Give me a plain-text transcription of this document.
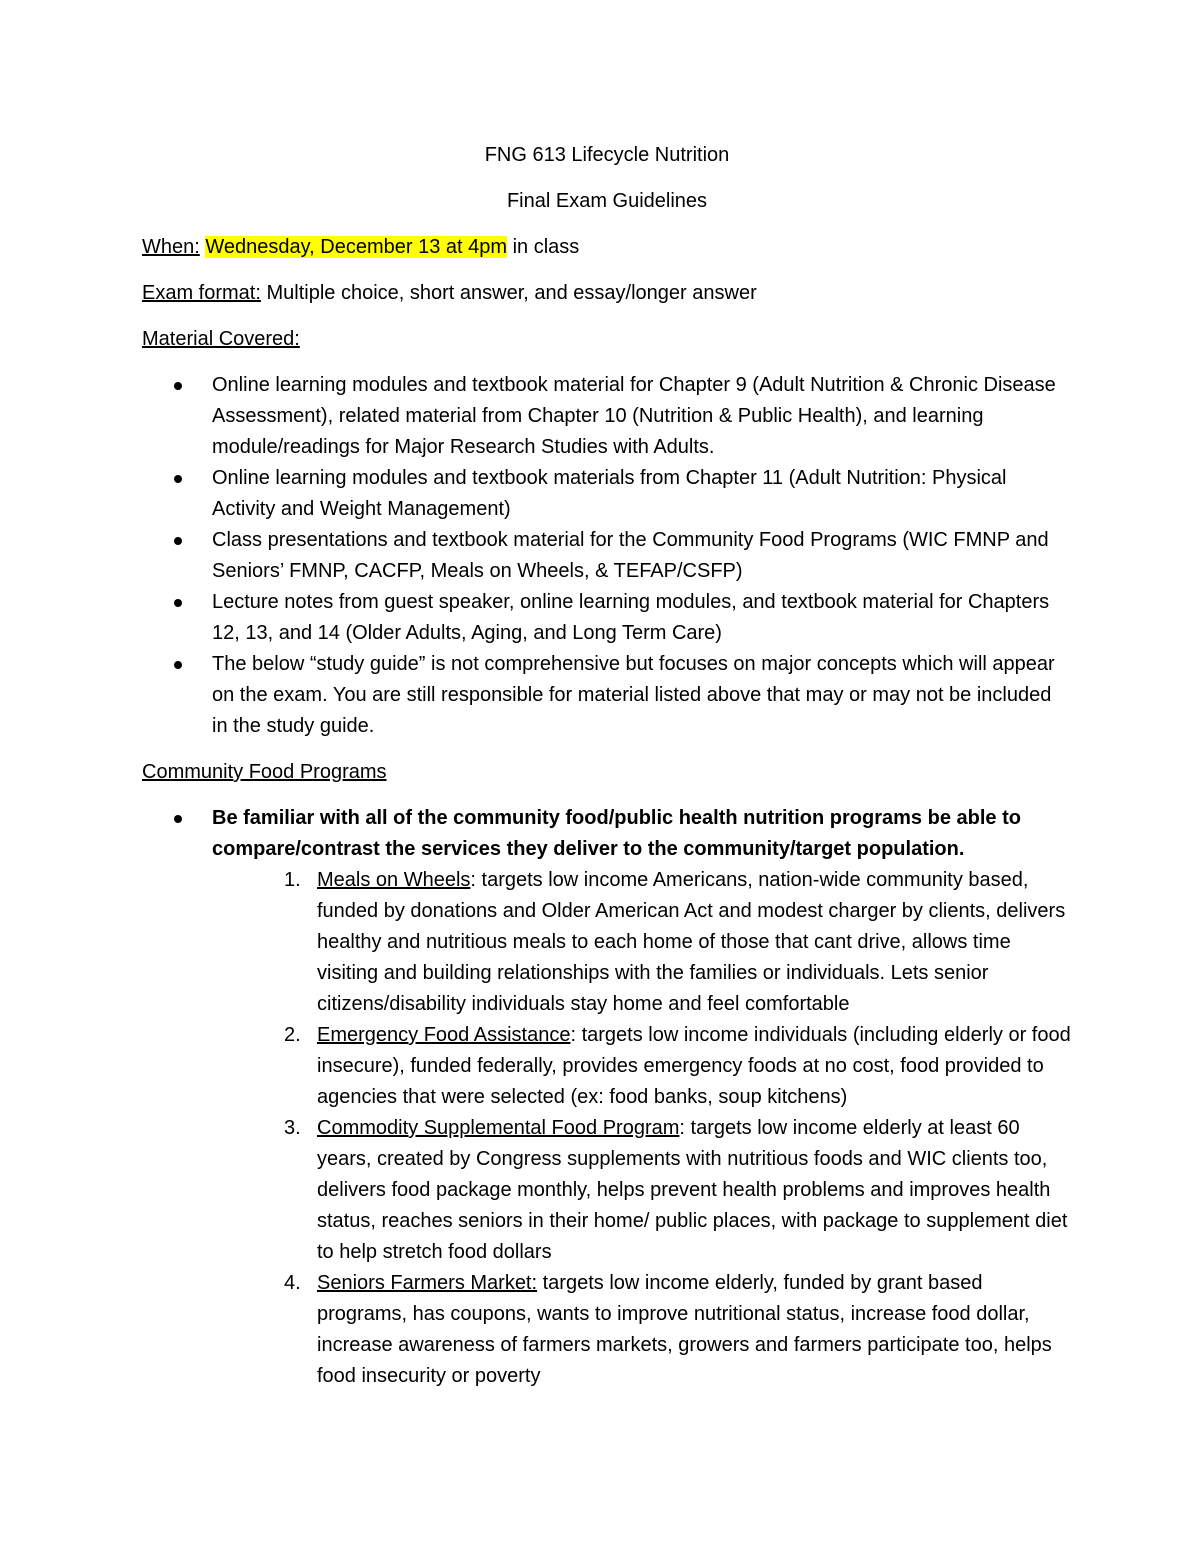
FNG 613 Lifecycle Nutrition

Final Exam Guidelines

When: Wednesday, December 13 at 4pm in class

Exam format: Multiple choice, short answer, and essay/longer answer

Material Covered:

Online learning modules and textbook material for Chapter 9 (Adult Nutrition & Chronic Disease Assessment), related material from Chapter 10 (Nutrition & Public Health), and learning module/readings for Major Research Studies with Adults.
Online learning modules and textbook materials from Chapter 11 (Adult Nutrition: Physical Activity and Weight Management)
Class presentations and textbook material for the Community Food Programs (WIC FMNP and Seniors’ FMNP, CACFP, Meals on Wheels, & TEFAP/CSFP)
Lecture notes from guest speaker, online learning modules, and textbook material for Chapters 12, 13, and 14 (Older Adults, Aging, and Long Term Care)
The below “study guide” is not comprehensive but focuses on major concepts which will appear on the exam. You are still responsible for material listed above that may or may not be included in the study guide.

Community Food Programs

Be familiar with all of the community food/public health nutrition programs be able to compare/contrast the services they deliver to the community/target population.
1. Meals on Wheels: targets low income Americans, nation-wide community based, funded by donations and Older American Act and modest charger by clients, delivers healthy and nutritious meals to each home of those that cant drive, allows time visiting and building relationships with the families or individuals. Lets senior citizens/disability individuals stay home and feel comfortable
2. Emergency Food Assistance: targets low income individuals (including elderly or food insecure), funded federally, provides emergency foods at no cost, food provided to agencies that were selected (ex: food banks, soup kitchens)
3. Commodity Supplemental Food Program: targets low income elderly at least 60 years, created by Congress supplements with nutritious foods and WIC clients too, delivers food package monthly, helps prevent health problems and improves health status, reaches seniors in their home/ public places, with package to supplement diet to help stretch food dollars
4. Seniors Farmers Market: targets low income elderly, funded by grant based programs, has coupons, wants to improve nutritional status, increase food dollar, increase awareness of farmers markets, growers and farmers participate too, helps food insecurity or poverty
